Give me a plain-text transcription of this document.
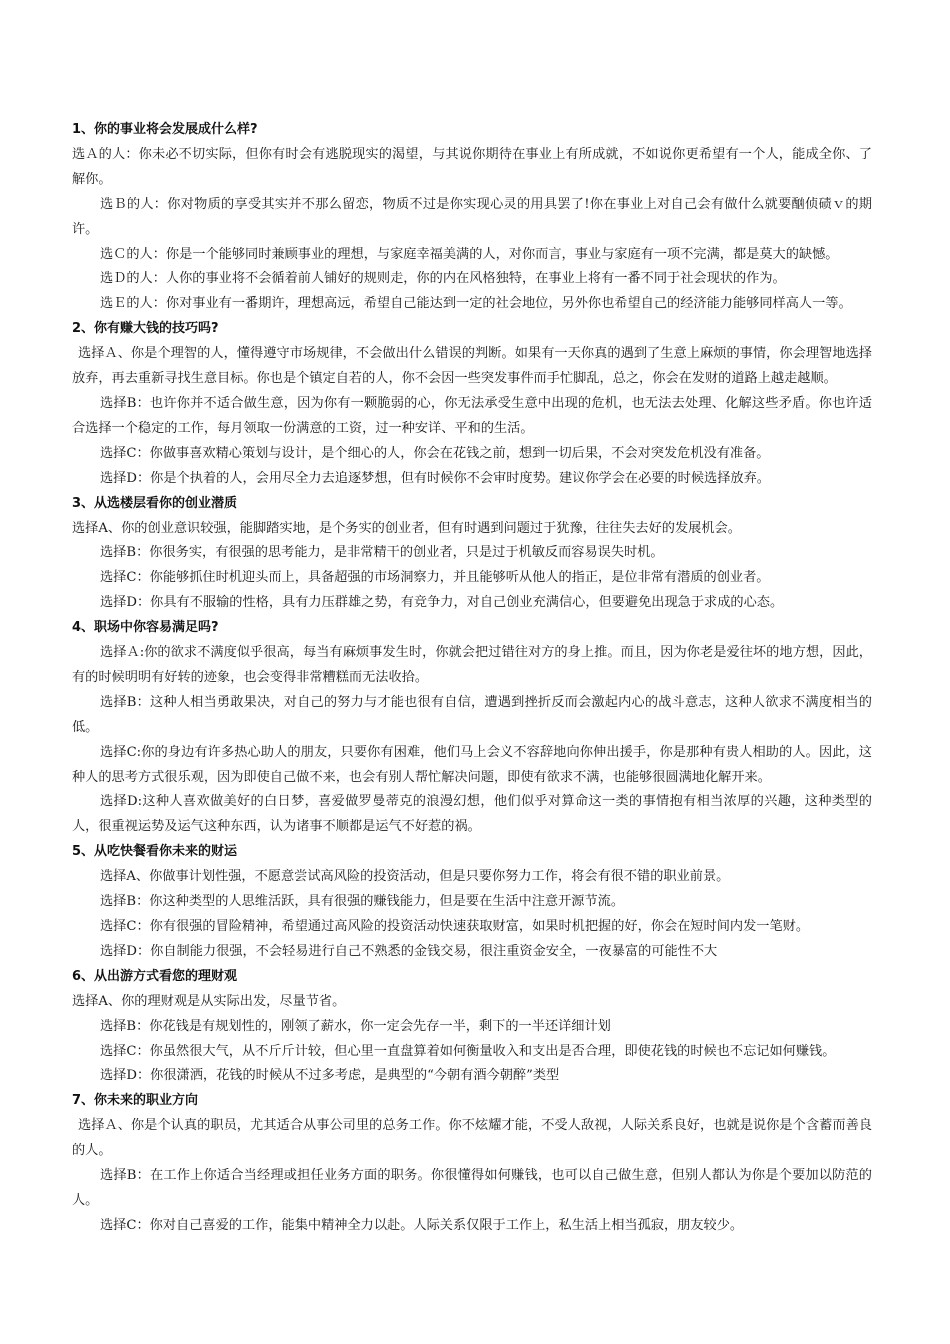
1、你的事业将会发展成什么样?

选Ａ的人：你未必不切实际，但你有时会有逃脱现实的渴望，与其说你期待在事业上有所成就，不如说你更希望有一个人，能成全你、了解你。

选Ｂ的人：你对物质的享受其实并不那么留恋，物质不过是你实现心灵的用具罢了!你在事业上对自己会有做什么就要酗侦碛ｖ的期许。

选Ｃ的人：你是一个能够同时兼顾事业的理想，与家庭幸福美满的人，对你而言，事业与家庭有一项不完满，都是莫大的缺憾。

选Ｄ的人：人你的事业将不会循着前人铺好的规则走，你的内在风格独特，在事业上将有一番不同于社会现状的作为。

选Ｅ的人：你对事业有一番期许，理想高远，希望自己能达到一定的社会地位，另外你也希望自己的经济能力能够同样高人一等。

2、你有赚大钱的技巧吗?

选择Ａ、你是个理智的人，懂得遵守市场规律，不会做出什么错误的判断。如果有一天你真的遇到了生意上麻烦的事情，你会理智地选择放弃，再去重新寻找生意目标。你也是个镇定自若的人，你不会因一些突发事件而手忙脚乱，总之，你会在发财的道路上越走越顺。

选择B：也许你并不适合做生意，因为你有一颗脆弱的心，你无法承受生意中出现的危机，也无法去处理、化解这些矛盾。你也许适合选择一个稳定的工作，每月领取一份满意的工资，过一种安详、平和的生活。

选择C：你做事喜欢精心策划与设计，是个细心的人，你会在花钱之前，想到一切后果，不会对突发危机没有准备。

选择D：你是个执着的人，会用尽全力去追逐梦想，但有时候你不会审时度势。建议你学会在必要的时候选择放弃。

3、从选楼层看你的创业潜质

选择A、你的创业意识较强，能脚踏实地，是个务实的创业者，但有时遇到问题过于犹豫，往往失去好的发展机会。

选择B：你很务实，有很强的思考能力，是非常精干的创业者，只是过于机敏反而容易误失时机。

选择C：你能够抓住时机迎头而上，具备超强的市场洞察力，并且能够听从他人的指正，是位非常有潜质的创业者。

选择D：你具有不服输的性格，具有力压群雄之势，有竞争力，对自己创业充满信心，但要避免出现急于求成的心态。

4、职场中你容易满足吗?

选择Ａ:你的欲求不满度似乎很高，每当有麻烦事发生时，你就会把过错往对方的身上推。而且，因为你老是爱往坏的地方想，因此，有的时候明明有好转的迹象，也会变得非常糟糕而无法收拾。

选择B：这种人相当勇敢果决，对自己的努力与才能也很有自信，遭遇到挫折反而会激起内心的战斗意志，这种人欲求不满度相当的低。

选择C:你的身边有许多热心助人的朋友，只要你有困难，他们马上会义不容辞地向你伸出援手，你是那种有贵人相助的人。因此，这种人的思考方式很乐观，因为即使自己做不来，也会有别人帮忙解决问题，即使有欲求不满，也能够很圆满地化解开来。

选择D:这种人喜欢做美好的白日梦，喜爱做罗曼蒂克的浪漫幻想，他们似乎对算命这一类的事情抱有相当浓厚的兴趣，这种类型的人，很重视运势及运气这种东西，认为诸事不顺都是运气不好惹的祸。

5、从吃快餐看你未来的财运

选择A、你做事计划性强，不愿意尝试高风险的投资活动，但是只要你努力工作，将会有很不错的职业前景。

选择B：你这种类型的人思维活跃，具有很强的赚钱能力，但是要在生活中注意开源节流。

选择C：你有很强的冒险精神，希望通过高风险的投资活动快速获取财富，如果时机把握的好，你会在短时间内发一笔财。

选择D：你自制能力很强，不会轻易进行自己不熟悉的金钱交易，很注重资金安全，一夜暴富的可能性不大

6、从出游方式看您的理财观

选择A、你的理财观是从实际出发，尽量节省。

选择B：你花钱是有规划性的，刚领了薪水，你一定会先存一半，剩下的一半还详细计划

选择C：你虽然很大气，从不斤斤计较，但心里一直盘算着如何衡量收入和支出是否合理，即使花钱的时候也不忘记如何赚钱。

选择D：你很潇洒，花钱的时候从不过多考虑，是典型的“今朝有酒今朝醉”类型

7、你未来的职业方向

选择Ａ、你是个认真的职员，尤其适合从事公司里的总务工作。你不炫耀才能，不受人敌视，人际关系良好，也就是说你是个含蓄而善良的人。

选择B：在工作上你适合当经理或担任业务方面的职务。你很懂得如何赚钱，也可以自己做生意，但别人都认为你是个要加以防范的人。

选择C：你对自己喜爱的工作，能集中精神全力以赴。人际关系仅限于工作上，私生活上相当孤寂，朋友较少。
